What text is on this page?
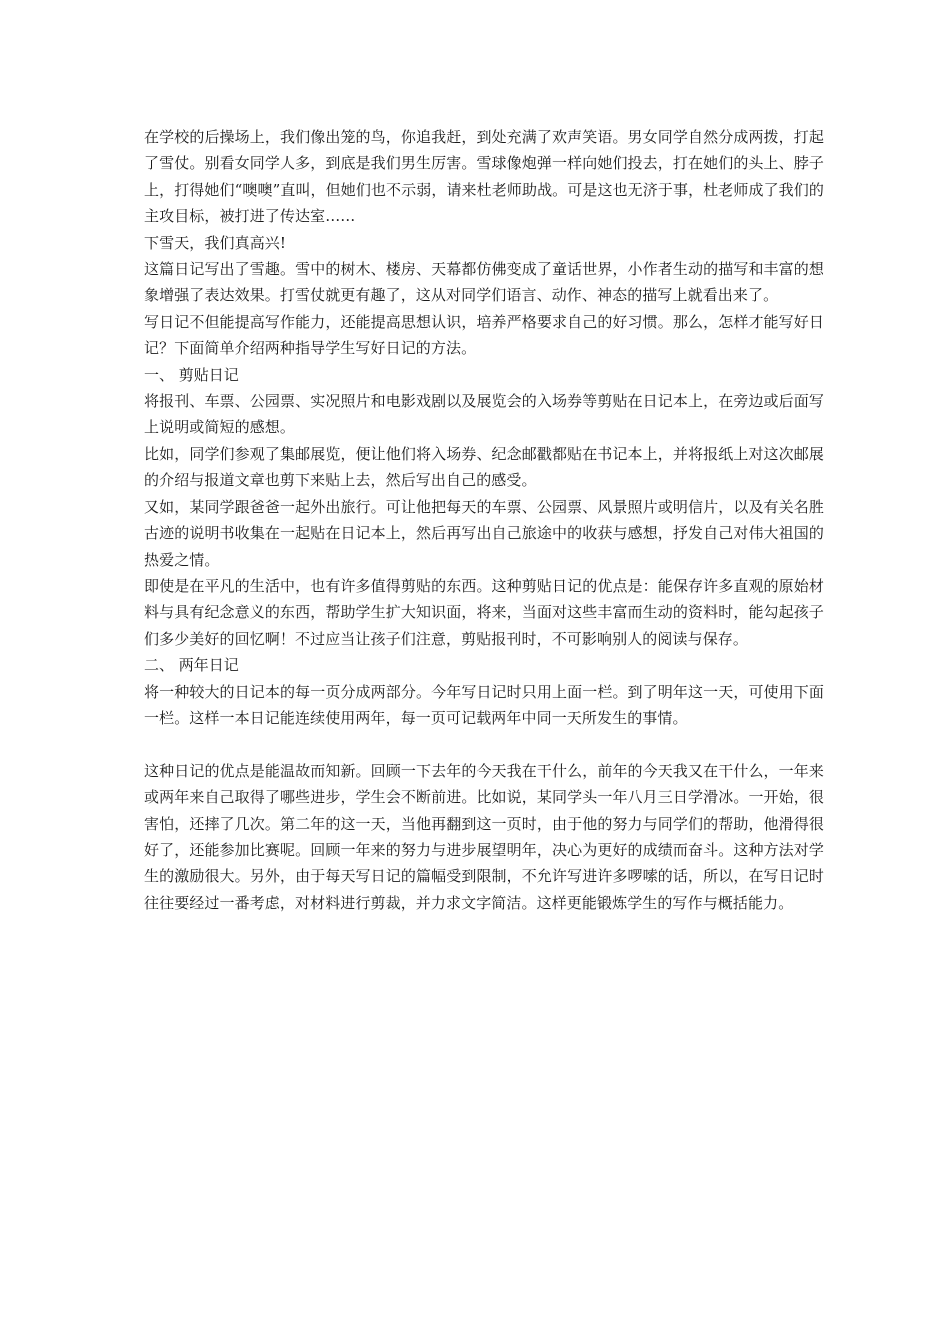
在学校的后操场上，我们像出笼的鸟，你追我赶，到处充满了欢声笑语。男女同学自然分成两拨，打起了雪仗。别看女同学人多，到底是我们男生厉害。雪球像炮弹一样向她们投去，打在她们的头上、脖子上，打得她们“噢噢”直叫，但她们也不示弱，请来杜老师助战。可是这也无济于事，杜老师成了我们的主攻目标，被打进了传达室……

下雪天，我们真高兴!

这篇日记写出了雪趣。雪中的树木、楼房、天幕都仿佛变成了童话世界，小作者生动的描写和丰富的想象增强了表达效果。打雪仗就更有趣了，这从对同学们语言、动作、神态的描写上就看出来了。

写日记不但能提高写作能力，还能提高思想认识，培养严格要求自己的好习惯。那么，怎样才能写好日记？下面简单介绍两种指导学生写好日记的方法。

一、 剪贴日记

将报刊、车票、公园票、实况照片和电影戏剧以及展览会的入场券等剪贴在日记本上，在旁边或后面写上说明或简短的感想。

比如，同学们参观了集邮展览，便让他们将入场券、纪念邮戳都贴在书记本上，并将报纸上对这次邮展的介绍与报道文章也剪下来贴上去，然后写出自己的感受。

又如，某同学跟爸爸一起外出旅行。可让他把每天的车票、公园票、风景照片或明信片，以及有关名胜古迹的说明书收集在一起贴在日记本上，然后再写出自己旅途中的收获与感想，抒发自己对伟大祖国的热爱之情。

即使是在平凡的生活中，也有许多值得剪贴的东西。这种剪贴日记的优点是：能保存许多直观的原始材料与具有纪念意义的东西，帮助学生扩大知识面，将来，当面对这些丰富而生动的资料时，能勾起孩子们多少美好的回忆啊！不过应当让孩子们注意，剪贴报刊时，不可影响别人的阅读与保存。

二、 两年日记

将一种较大的日记本的每一页分成两部分。今年写日记时只用上面一栏。到了明年这一天，可使用下面一栏。这样一本日记能连续使用两年，每一页可记载两年中同一天所发生的事情。

这种日记的优点是能温故而知新。回顾一下去年的今天我在干什么，前年的今天我又在干什么，一年来或两年来自己取得了哪些进步，学生会不断前进。比如说，某同学头一年八月三日学滑冰。一开始，很害怕，还摔了几次。第二年的这一天，当他再翻到这一页时，由于他的努力与同学们的帮助，他滑得很好了，还能参加比赛呢。回顾一年来的努力与进步展望明年，决心为更好的成绩而奋斗。这种方法对学生的激励很大。另外，由于每天写日记的篇幅受到限制，不允许写进许多啰嗦的话，所以，在写日记时往往要经过一番考虑，对材料进行剪裁，并力求文字简洁。这样更能锻炼学生的写作与概括能力。
